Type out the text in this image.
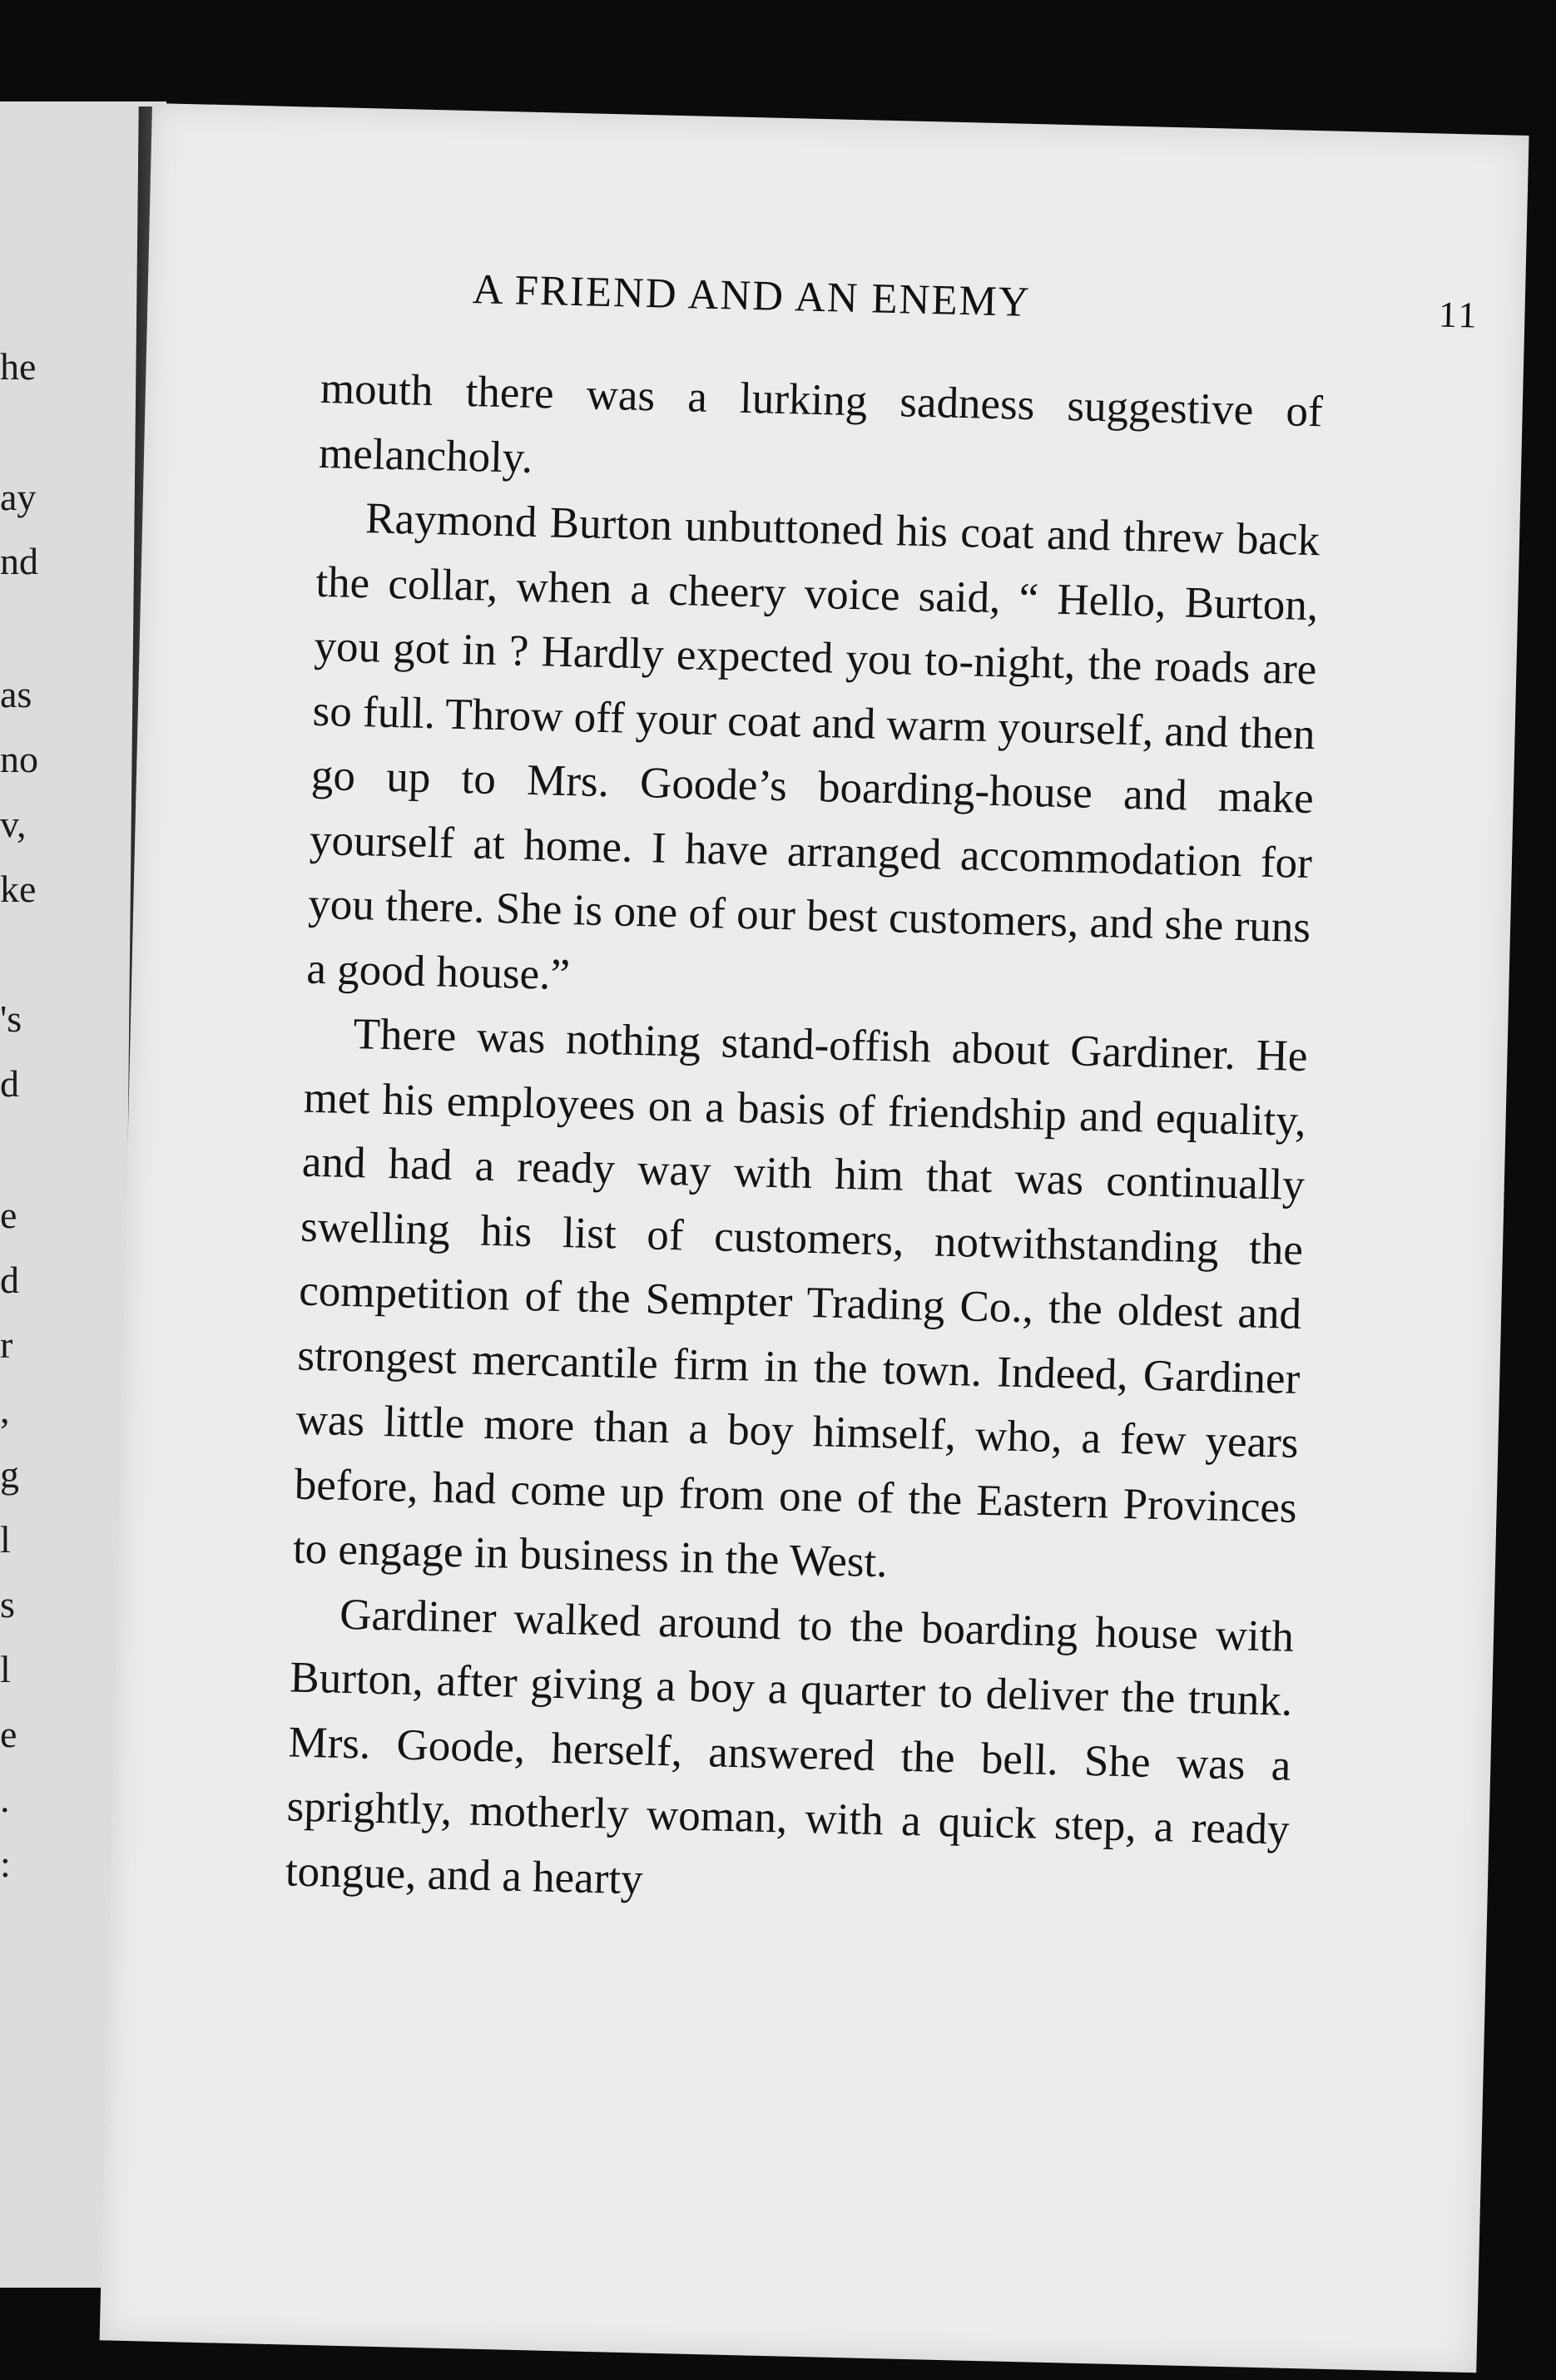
he
ay
nd
as
no
v,
ke
's
d
e
d
r
,
g
l
s
l
e
.
:
A FRIEND AND AN ENEMY	11

mouth there was a lurking sadness suggestive of melancholy.

Raymond Burton unbuttoned his coat and threw back the collar, when a cheery voice said, “ Hello, Burton, you got in ? Hardly expected you to-night, the roads are so full. Throw off your coat and warm yourself, and then go up to Mrs. Goode’s boarding-house and make yourself at home. I have arranged accommodation for you there. She is one of our best customers, and she runs a good house.”

There was nothing stand-offish about Gardiner. He met his employees on a basis of friendship and equality, and had a ready way with him that was continually swelling his list of customers, notwithstanding the competition of the Sempter Trading Co., the oldest and strongest mercantile firm in the town. Indeed, Gardiner was little more than a boy himself, who, a few years before, had come up from one of the Eastern Provinces to engage in business in the West.

Gardiner walked around to the boarding house with Burton, after giving a boy a quarter to deliver the trunk. Mrs. Goode, herself, answered the bell. She was a sprightly, motherly woman, with a quick step, a ready tongue, and a hearty
